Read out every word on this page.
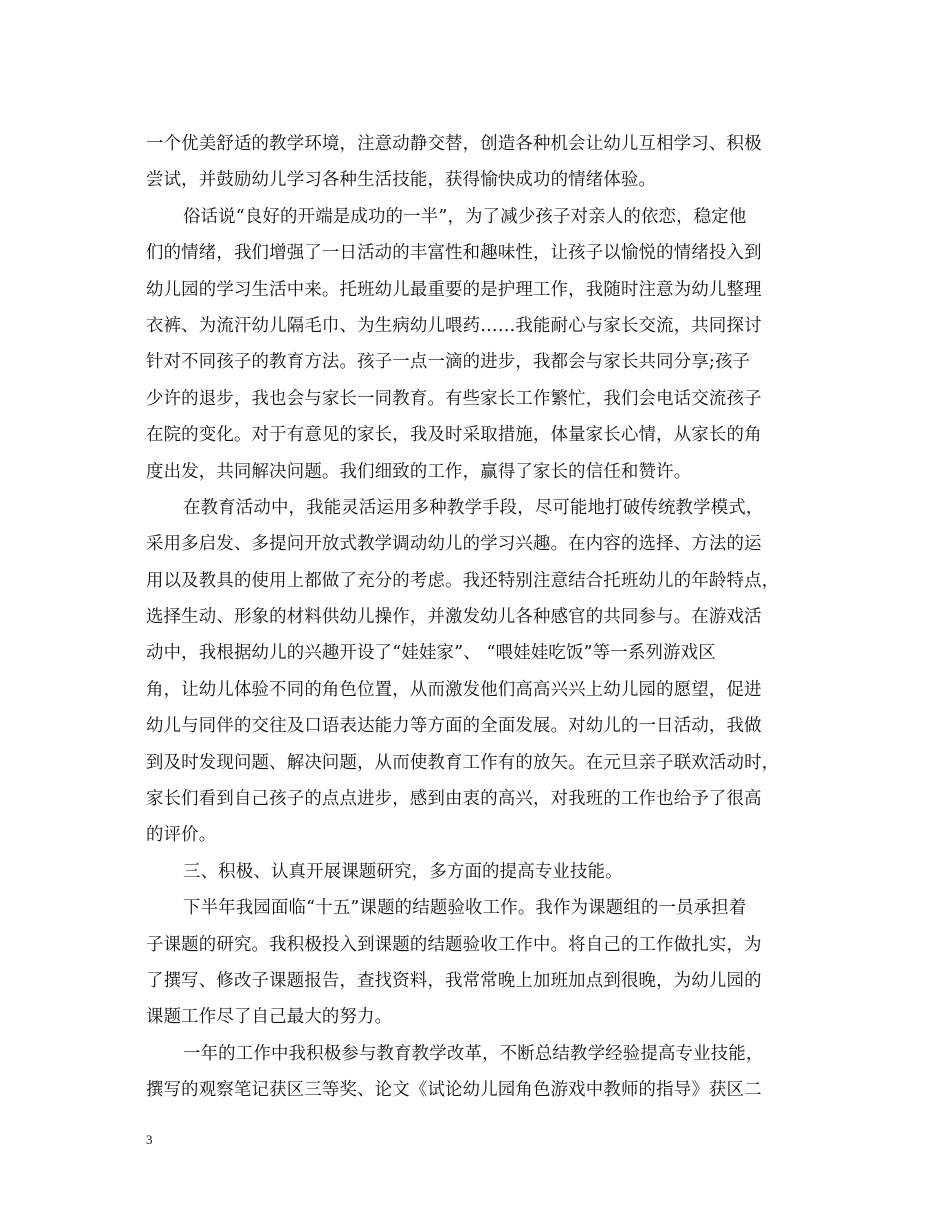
一个优美舒适的教学环境，注意动静交替，创造各种机会让幼儿互相学习、积极
尝试，并鼓励幼儿学习各种生活技能，获得愉快成功的情绪体验。
俗话说“良好的开端是成功的一半”，为了减少孩子对亲人的依恋，稳定他
们的情绪，我们增强了一日活动的丰富性和趣味性，让孩子以愉悦的情绪投入到
幼儿园的学习生活中来。托班幼儿最重要的是护理工作，我随时注意为幼儿整理
衣裤、为流汗幼儿隔毛巾、为生病幼儿喂药……我能耐心与家长交流，共同探讨
针对不同孩子的教育方法。孩子一点一滴的进步，我都会与家长共同分享;孩子
少许的退步，我也会与家长一同教育。有些家长工作繁忙，我们会电话交流孩子
在院的变化。对于有意见的家长，我及时采取措施，体量家长心情，从家长的角
度出发，共同解决问题。我们细致的工作，赢得了家长的信任和赞许。
在教育活动中，我能灵活运用多种教学手段，尽可能地打破传统教学模式，
采用多启发、多提问开放式教学调动幼儿的学习兴趣。在内容的选择、方法的运
用以及教具的使用上都做了充分的考虑。我还特别注意结合托班幼儿的年龄特点，
选择生动、形象的材料供幼儿操作，并激发幼儿各种感官的共同参与。在游戏活
动中，我根据幼儿的兴趣开设了“娃娃家”、 “喂娃娃吃饭”等一系列游戏区
角，让幼儿体验不同的角色位置，从而激发他们高高兴兴上幼儿园的愿望，促进
幼儿与同伴的交往及口语表达能力等方面的全面发展。对幼儿的一日活动，我做
到及时发现问题、解决问题，从而使教育工作有的放矢。在元旦亲子联欢活动时，
家长们看到自己孩子的点点进步，感到由衷的高兴，对我班的工作也给予了很高
的评价。
三、积极、认真开展课题研究，多方面的提高专业技能。
下半年我园面临“十五”课题的结题验收工作。我作为课题组的一员承担着
子课题的研究。我积极投入到课题的结题验收工作中。将自己的工作做扎实，为
了撰写、修改子课题报告，查找资料，我常常晚上加班加点到很晚，为幼儿园的
课题工作尽了自己最大的努力。
一年的工作中我积极参与教育教学改革，不断总结教学经验提高专业技能，
撰写的观察笔记获区三等奖、论文《试论幼儿园角色游戏中教师的指导》获区二
3
